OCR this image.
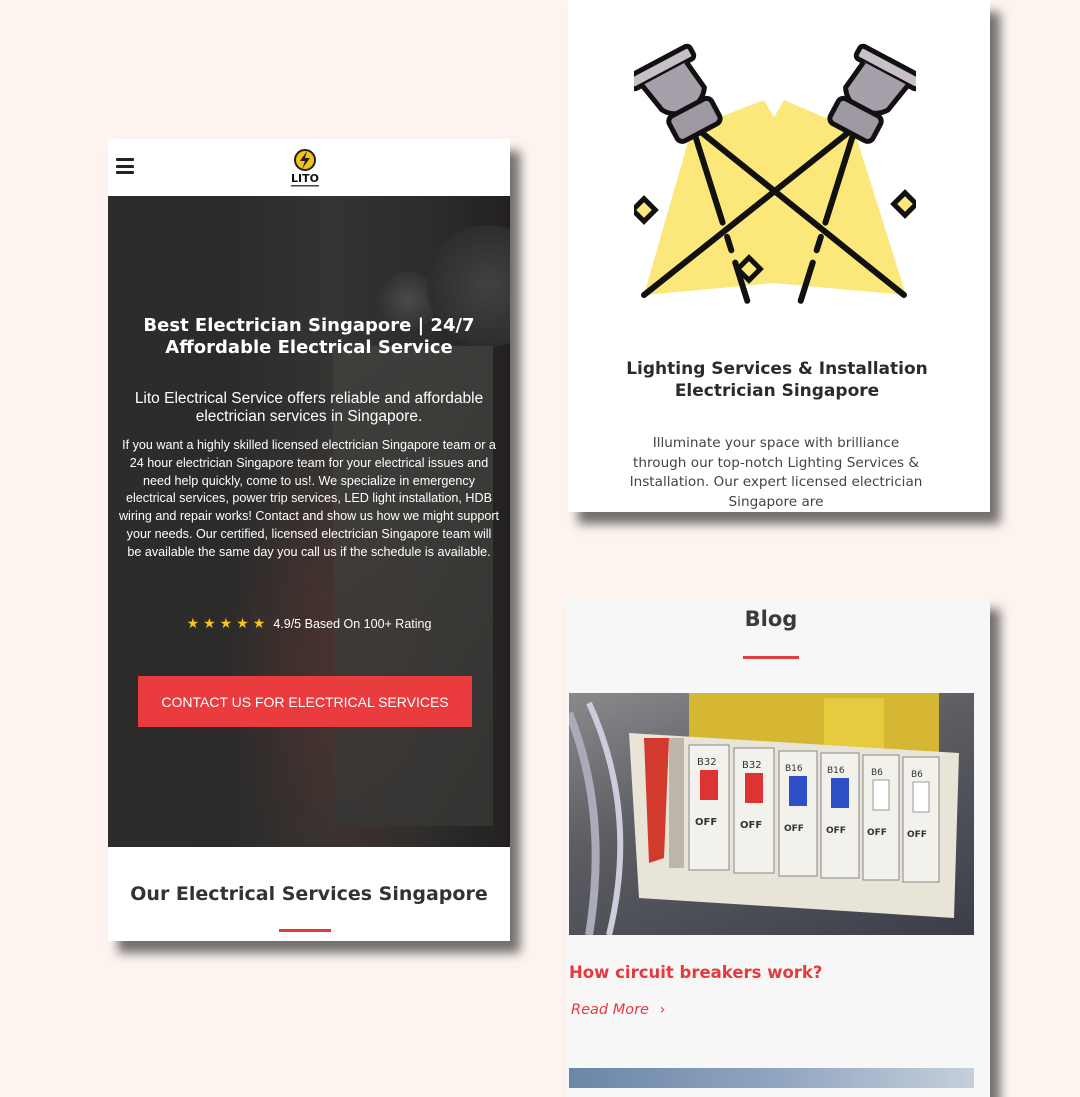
LITO
Best Electrician Singapore | 24/7 Affordable Electrical Service

Lito Electrical Service offers reliable and affordable electrician services in Singapore.

If you want a highly skilled licensed electrician Singapore team or a 24 hour electrician Singapore team for your electrical issues and need help quickly, come to us!. We specialize in emergency electrical services, power trip services, LED light installation, HDB wiring and repair works! Contact and show us how we might support your needs. Our certified, licensed electrician Singapore team will be available the same day you call us if the schedule is available.

★★★★★ 4.9/5 Based On 100+ Rating
CONTACT US FOR ELECTRICAL SERVICES
Our Electrical Services Singapore
Lighting Services & Installation Electrician Singapore

Illuminate your space with brilliance through our top-notch Lighting Services & Installation. Our expert licensed electrician Singapore are

Blog
B32
OFF
B32
OFF
B16
OFF
B16
OFF
B6
OFF
B6
OFF
How circuit breakers work?
Read More ›
